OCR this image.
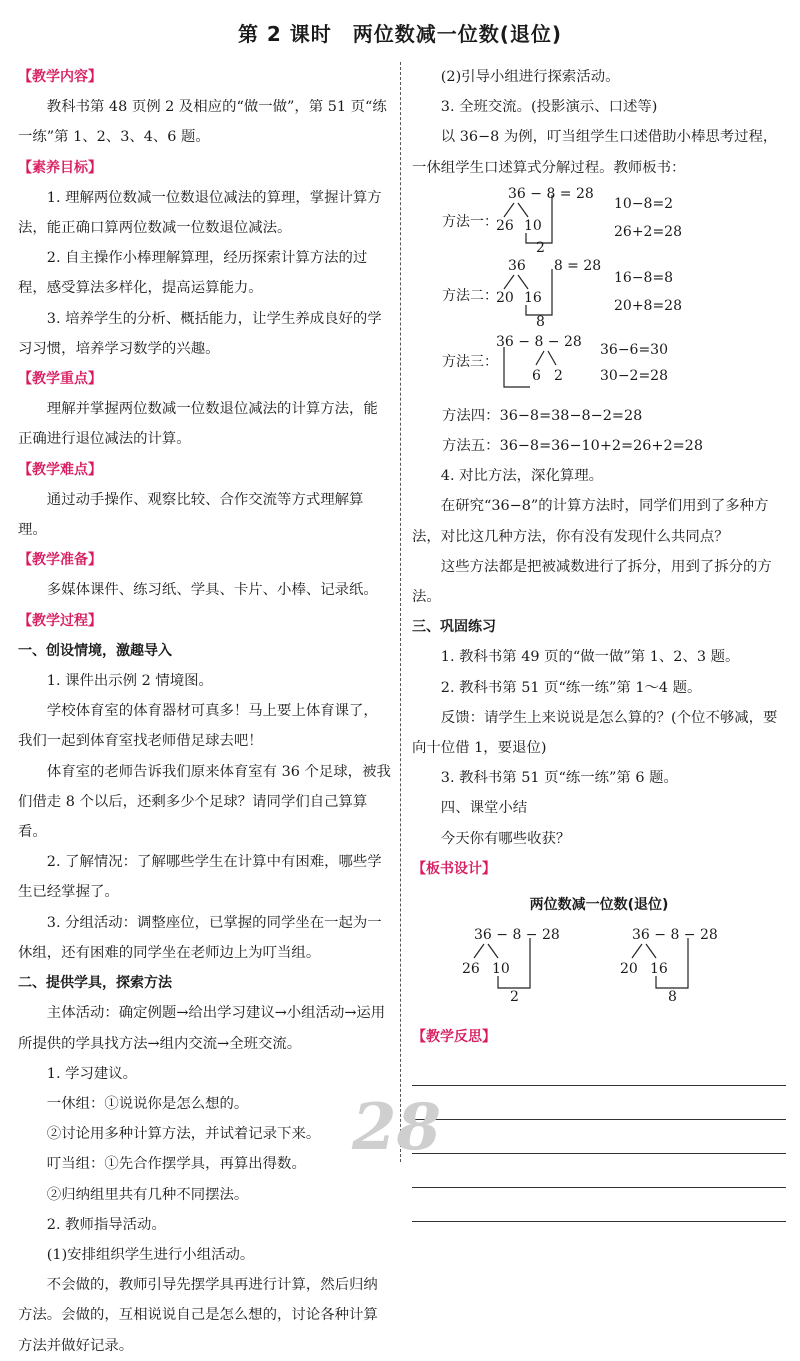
第 2 课时　两位数减一位数(退位)

【教学内容】

教科书第 48 页例 2 及相应的“做一做”，第 51 页“练一练”第 1、2、3、4、6 题。

【素养目标】

1. 理解两位数减一位数退位减法的算理，掌握计算方法，能正确口算两位数减一位数退位减法。

2. 自主操作小棒理解算理，经历探索计算方法的过程，感受算法多样化，提高运算能力。

3. 培养学生的分析、概括能力，让学生养成良好的学习习惯，培养学习数学的兴趣。

【教学重点】

理解并掌握两位数减一位数退位减法的计算方法，能正确进行退位减法的计算。

【教学难点】

通过动手操作、观察比较、合作交流等方式理解算理。

【教学准备】

多媒体课件、练习纸、学具、卡片、小棒、记录纸。

【教学过程】

一、创设情境，激趣导入

1. 课件出示例 2 情境图。

学校体育室的体育器材可真多！马上要上体育课了，我们一起到体育室找老师借足球去吧！

体育室的老师告诉我们原来体育室有 36 个足球，被我们借走 8 个以后，还剩多少个足球？请同学们自己算算看。

2. 了解情况：了解哪些学生在计算中有困难，哪些学生已经掌握了。

3. 分组活动：调整座位，已掌握的同学坐在一起为一休组，还有困难的同学坐在老师边上为叮当组。

二、提供学具，探索方法

主体活动：确定例题→给出学习建议→小组活动→运用所提供的学具找方法→组内交流→全班交流。

1. 学习建议。

一休组：①说说你是怎么想的。

②讨论用多种计算方法，并试着记录下来。

叮当组：①先合作摆学具，再算出得数。

②归纳组里共有几种不同摆法。

2. 教师指导活动。

(1)安排组织学生进行小组活动。

不会做的，教师引导先摆学具再进行计算，然后归纳方法。会做的，互相说说自己是怎么想的，讨论各种计算方法并做好记录。

(2)引导小组进行探索活动。

3. 全班交流。(投影演示、口述等)

以 36−8 为例，叮当组学生口述借助小棒思考过程，一休组学生口述算式分解过程。教师板书：

36 − 8 = 28
方法一：
26 10
2
10−8=2
26+2=28
36　　8 = 28
方法二：
20 16
8
16−8=8
20+8=28
36 − 8 − 28
方法三：
6 2
36−6=30
30−2=28

方法四：36−8=38−8−2=28

方法五：36−8=36−10+2=26+2=28

4. 对比方法，深化算理。

在研究“36−8”的计算方法时，同学们用到了多种方法，对比这几种方法，你有没有发现什么共同点？

这些方法都是把被减数进行了拆分，用到了拆分的方法。

三、巩固练习

1. 教科书第 49 页的“做一做”第 1、2、3 题。

2. 教科书第 51 页“练一练”第 1～4 题。

反馈：请学生上来说说是怎么算的？(个位不够减，要向十位借 1，要退位)

3. 教科书第 51 页“练一练”第 6 题。

四、课堂小结

今天你有哪些收获？

【板书设计】

两位数减一位数(退位)
36 − 8 − 28
26 10
2
36 − 8 − 28
20 16
8

【教学反思】

28
